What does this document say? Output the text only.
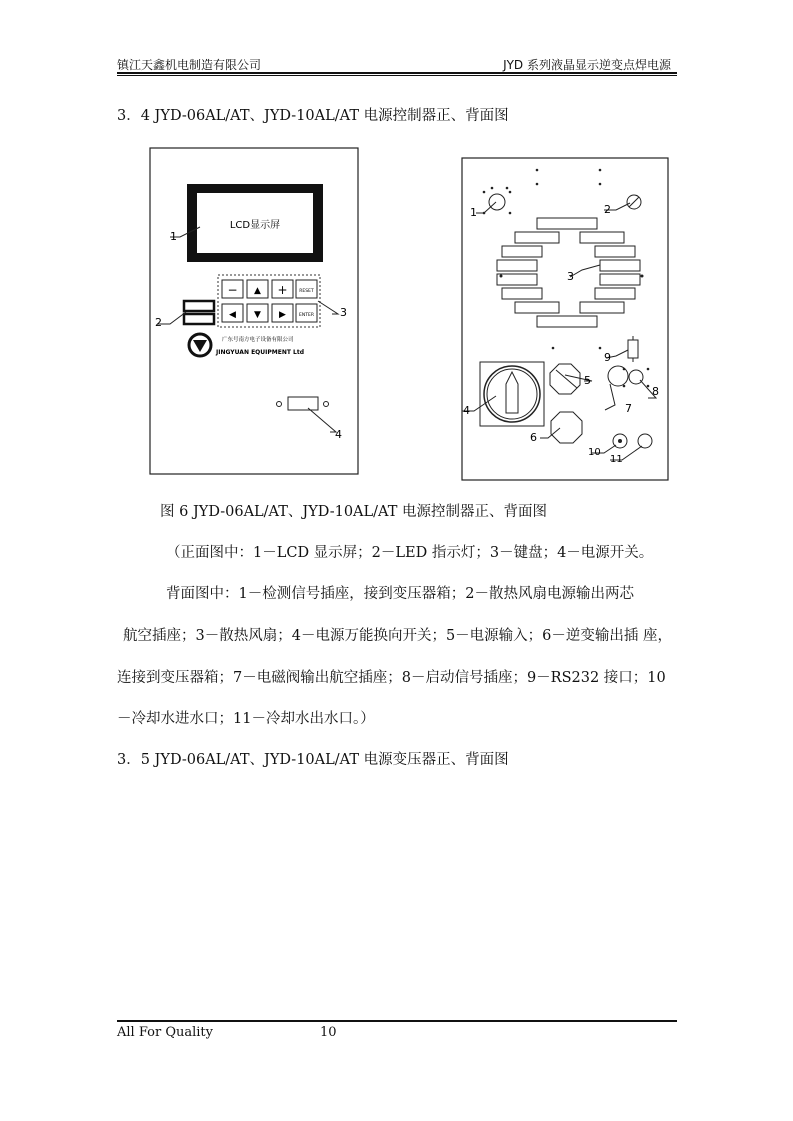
镇江天鑫机电制造有限公司	JYD 系列液晶显示逆变点焊电源
3．4 JYD-06AL/AT、JYD-10AL/AT 电源控制器正、背面图
LCD显示屏
− ▲ +	RESET
◀ ▼ ▶	ENTER
广东号南方电子设备有限公司
JINGYUAN EQUIPMENT Ltd
1
2
3
4
1	2
3
4
5
6
7
8
9
10
11
图 6 JYD-06AL/AT、JYD-10AL/AT 电源控制器正、背面图
（正面图中：1－LCD 显示屏；2－LED 指示灯；3－键盘；4－电源开关。
背面图中：1－检测信号插座，接到变压器箱；2－散热风扇电源输出两芯
航空插座；3－散热风扇；4－电源万能换向开关；5－电源输入；6－逆变输出插 座，
连接到变压器箱；7－电磁阀输出航空插座；8－启动信号插座；9－RS232 接口；10
－冷却水进水口；11－冷却水出水口。）
3．5 JYD-06AL/AT、JYD-10AL/AT 电源变压器正、背面图
All For Quality	10
